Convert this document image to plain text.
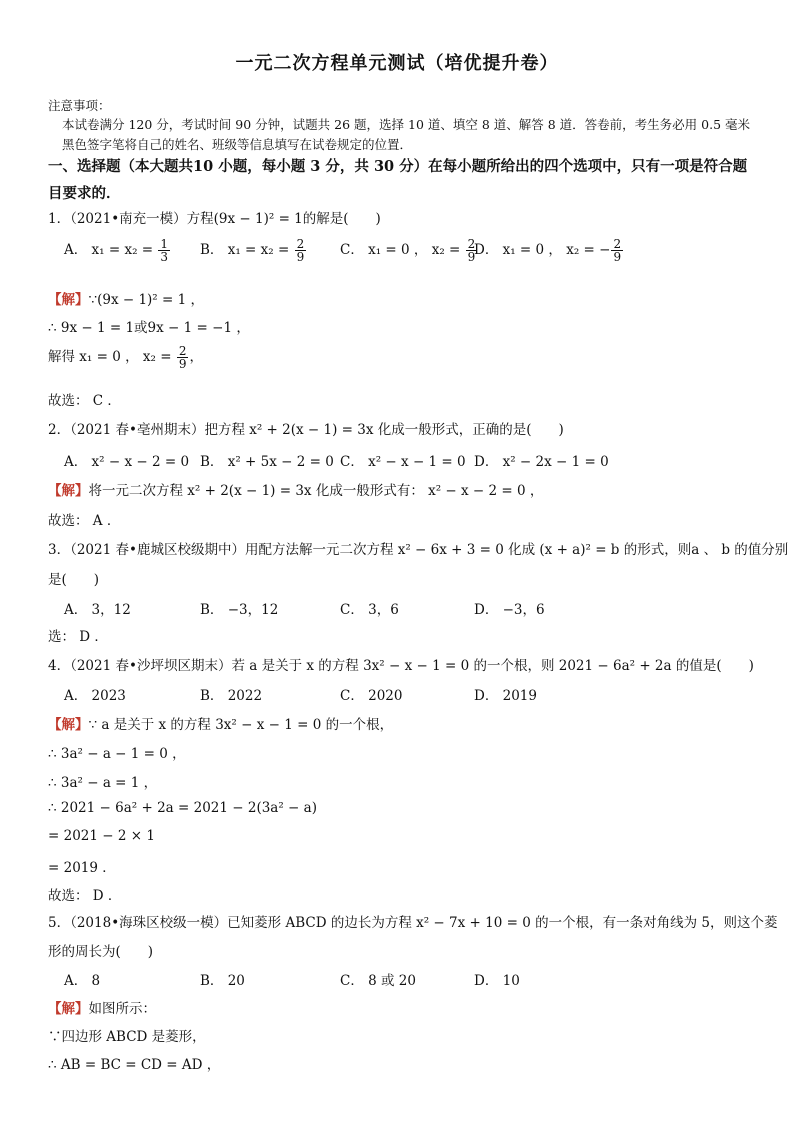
一元二次方程单元测试（培优提升卷）
注意事项：
本试卷满分 120 分，考试时间 90 分钟，试题共 26 题，选择 10 道、填空 8 道、解答 8 道．答卷前，考生务必用 0.5 毫米黑色签字笔将自己的姓名、班级等信息填写在试卷规定的位置．
一、选择题（本大题共10 小题，每小题 3 分，共 30 分）在每小题所给出的四个选项中，只有一项是符合题目要求的．
1．（2021•南充一模）方程(9x − 1)² = 1的解是(　　)
A． $x_1 = x_2 = \frac{1}{3}$ B． $x_1 = x_2 = \frac{2}{9}$	C． x₁ = 0 ， $x_2 = \frac{2}{9}$
D． x₁ = 0 ， x₂ = − $\frac{2}{9}$
【解】∵(9x − 1)² = 1 ，
∴ 9x − 1 = 1或9x − 1 = −1 ，
解得 x₁ = 0 ， $x_2 = \frac{2}{9}$ ，
故选： C ．
2．（2021 春•亳州期末）把方程 x² + 2(x − 1) = 3x 化成一般形式，正确的是(　　)
A． x² − x − 2 = 0 B． x² + 5x − 2 = 0 C． x² − x − 1 = 0 D． x² − 2x − 1 = 0
【解】将一元二次方程 x² + 2(x − 1) = 3x 化成一般形式有： x² − x − 2 = 0 ，
故选： A ．
3．（2021 春•鹿城区校级期中）用配方法解一元二次方程 x² − 6x + 3 = 0 化成 (x + a)² = b 的形式，则a 、 b 的值分别
是(　　)
A． 3，12	B． −3，12	C． 3，6	D． −3，6
选： D ．
4．（2021 春•沙坪坝区期末）若 a 是关于 x 的方程 3x² − x − 1 = 0 的一个根，则 2021 − 6a² + 2a 的值是(　　)
A． 2023	B． 2022	C． 2020	D． 2019
【解】∵ a 是关于 x 的方程 3x² − x − 1 = 0 的一个根，
∴ 3a² − a − 1 = 0 ，
∴ 3a² − a = 1 ，
∴ 2021 − 6a² + 2a = 2021 − 2(3a² − a)
= 2021 − 2 × 1
= 2019 ．
故选： D ．
5．（2018•海珠区校级一模）已知菱形 ABCD 的边长为方程 x² − 7x + 10 = 0 的一个根，有一条对角线为 5，则这个菱
形的周长为(　　)
A． 8	B． 20	C． 8 或 20	D． 10
【解】如图所示：
∵四边形 ABCD 是菱形，
∴ AB = BC = CD = AD ，
